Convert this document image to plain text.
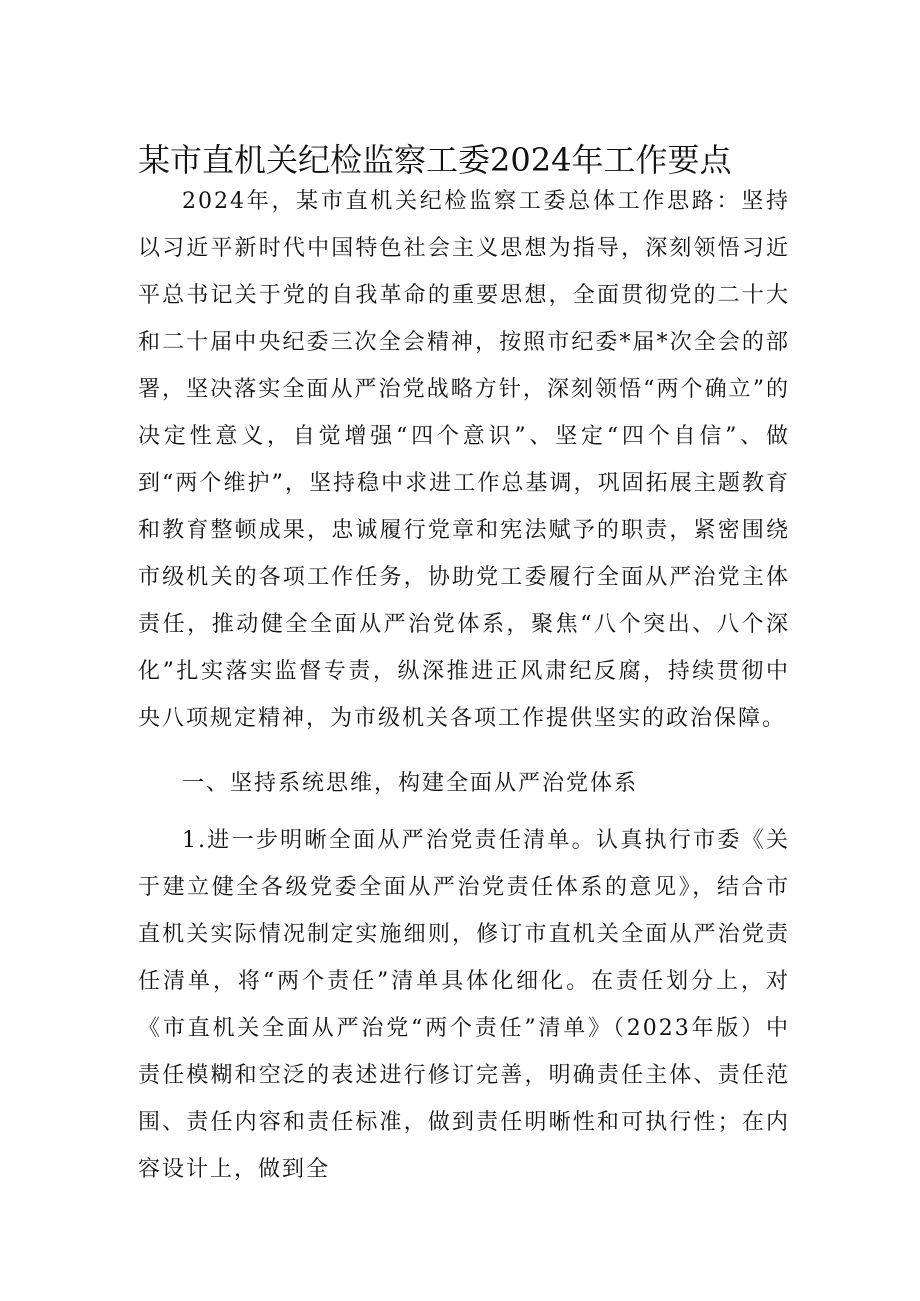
某市直机关纪检监察工委2024年工作要点

2024年，某市直机关纪检监察工委总体工作思路：坚持以习近平新时代中国特色社会主义思想为指导，深刻领悟习近平总书记关于党的自我革命的重要思想，全面贯彻党的二十大和二十届中央纪委三次全会精神，按照市纪委*届*次全会的部署，坚决落实全面从严治党战略方针，深刻领悟“两个确立”的决定性意义，自觉增强“四个意识”、坚定“四个自信”、做到“两个维护”，坚持稳中求进工作总基调，巩固拓展主题教育和教育整顿成果，忠诚履行党章和宪法赋予的职责，紧密围绕市级机关的各项工作任务，协助党工委履行全面从严治党主体责任，推动健全全面从严治党体系，聚焦“八个突出、八个深化”扎实落实监督专责，纵深推进正风肃纪反腐，持续贯彻中央八项规定精神，为市级机关各项工作提供坚实的政治保障。

一、坚持系统思维，构建全面从严治党体系

1.进一步明晰全面从严治党责任清单。认真执行市委《关于建立健全各级党委全面从严治党责任体系的意见》，结合市直机关实际情况制定实施细则，修订市直机关全面从严治党责任清单，将“两个责任”清单具体化细化。在责任划分上，对《市直机关全面从严治党“两个责任”清单》（2023年版）中责任模糊和空泛的表述进行修订完善，明确责任主体、责任范围、责任内容和责任标准，做到责任明晰性和可执行性；在内容设计上，做到全
